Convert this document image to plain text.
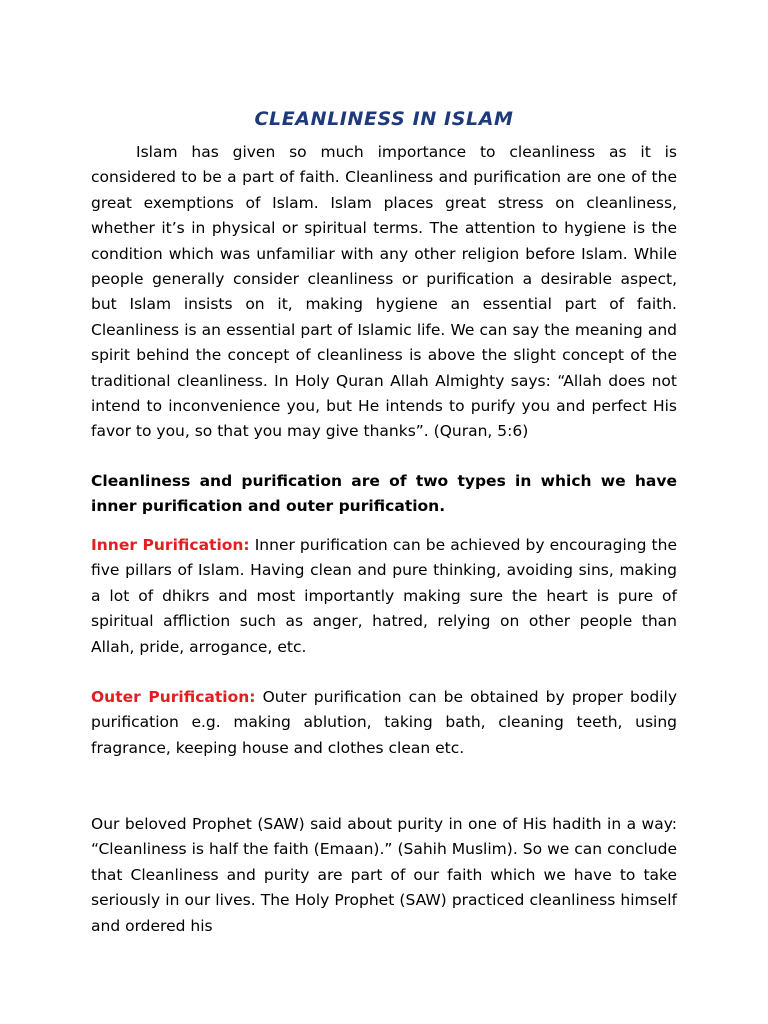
CLEANLINESS IN ISLAM

Islam has given so much importance to cleanliness as it is considered to be a part of faith. Cleanliness and purification are one of the great exemptions of Islam. Islam places great stress on cleanliness, whether it’s in physical or spiritual terms. The attention to hygiene is the condition which was unfamiliar with any other religion before Islam. While people generally consider cleanliness or purification a desirable aspect, but Islam insists on it, making hygiene an essential part of faith. Cleanliness is an essential part of Islamic life. We can say the meaning and spirit behind the concept of cleanliness is above the slight concept of the traditional cleanliness. In Holy Quran Allah Almighty says: “Allah does not intend to inconvenience you, but He intends to purify you and perfect His favor to you, so that you may give thanks”. (Quran, 5:6)

Cleanliness and purification are of two types in which we have inner purification and outer purification.

Inner Purification: Inner purification can be achieved by encouraging the five pillars of Islam. Having clean and pure thinking, avoiding sins, making a lot of dhikrs and most importantly making sure the heart is pure of spiritual affliction such as anger, hatred, relying on other people than Allah, pride, arrogance, etc.

Outer Purification: Outer purification can be obtained by proper bodily purification e.g. making ablution, taking bath, cleaning teeth, using fragrance, keeping house and clothes clean etc.

Our beloved Prophet (SAW) said about purity in one of His hadith in a way: “Cleanliness is half the faith (Emaan).” (Sahih Muslim). So we can conclude that Cleanliness and purity are part of our faith which we have to take seriously in our lives. The Holy Prophet (SAW) practiced cleanliness himself and ordered his
